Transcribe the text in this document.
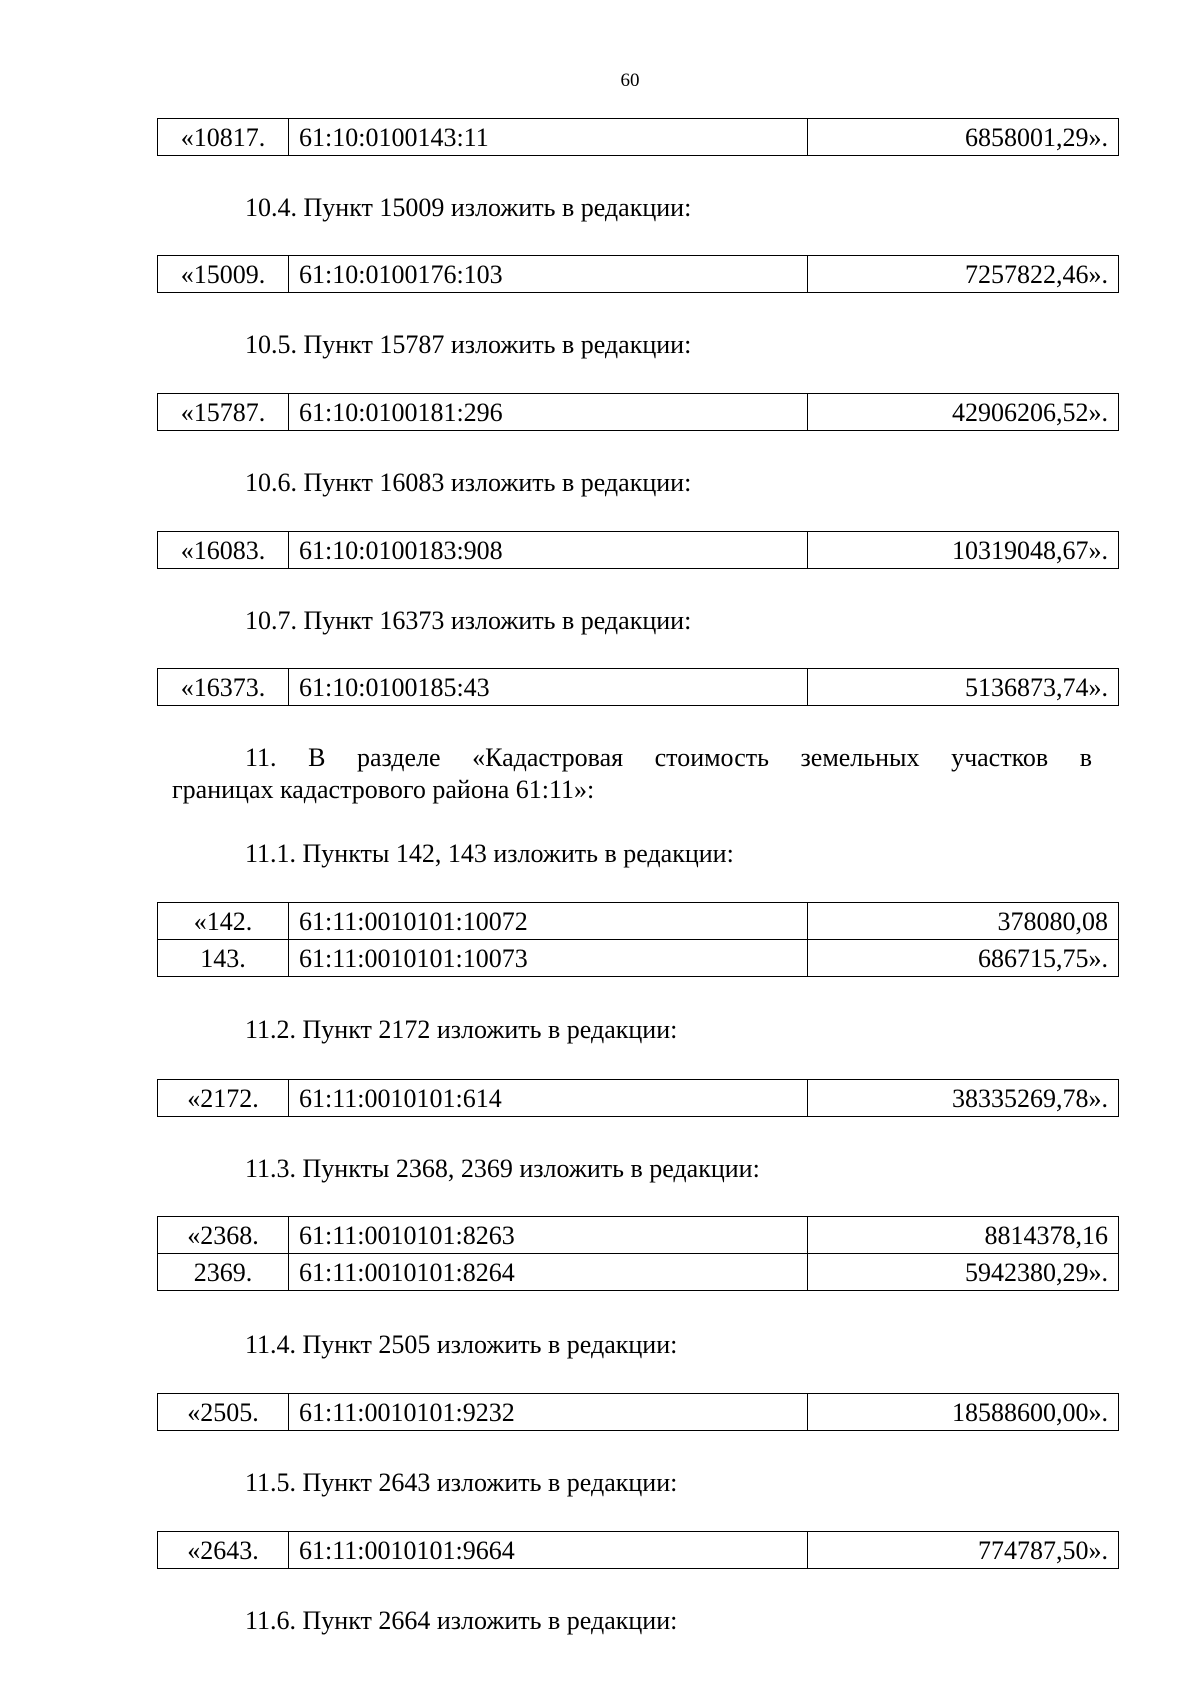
60
«10817.	61:10:0100143:11	6858001,29».
10.4. Пункт 15009 изложить в редакции:
«15009.	61:10:0100176:103	7257822,46».
10.5. Пункт 15787 изложить в редакции:
«15787.	61:10:0100181:296	42906206,52».
10.6. Пункт 16083 изложить в редакции:
«16083.	61:10:0100183:908	10319048,67».
10.7. Пункт 16373 изложить в редакции:
«16373.	61:10:0100185:43	5136873,74».
11. В разделе «Кадастровая стоимость земельных участков в
границах кадастрового района 61:11»:
11.1. Пункты 142, 143 изложить в редакции:
«142.	61:11:0010101:10072	378080,08
143.	61:11:0010101:10073	686715,75».
11.2. Пункт 2172 изложить в редакции:
«2172.	61:11:0010101:614	38335269,78».
11.3. Пункты 2368, 2369 изложить в редакции:
«2368.	61:11:0010101:8263	8814378,16
2369.	61:11:0010101:8264	5942380,29».
11.4. Пункт 2505 изложить в редакции:
«2505.	61:11:0010101:9232	18588600,00».
11.5. Пункт 2643 изложить в редакции:
«2643.	61:11:0010101:9664	774787,50».
11.6. Пункт 2664 изложить в редакции:
